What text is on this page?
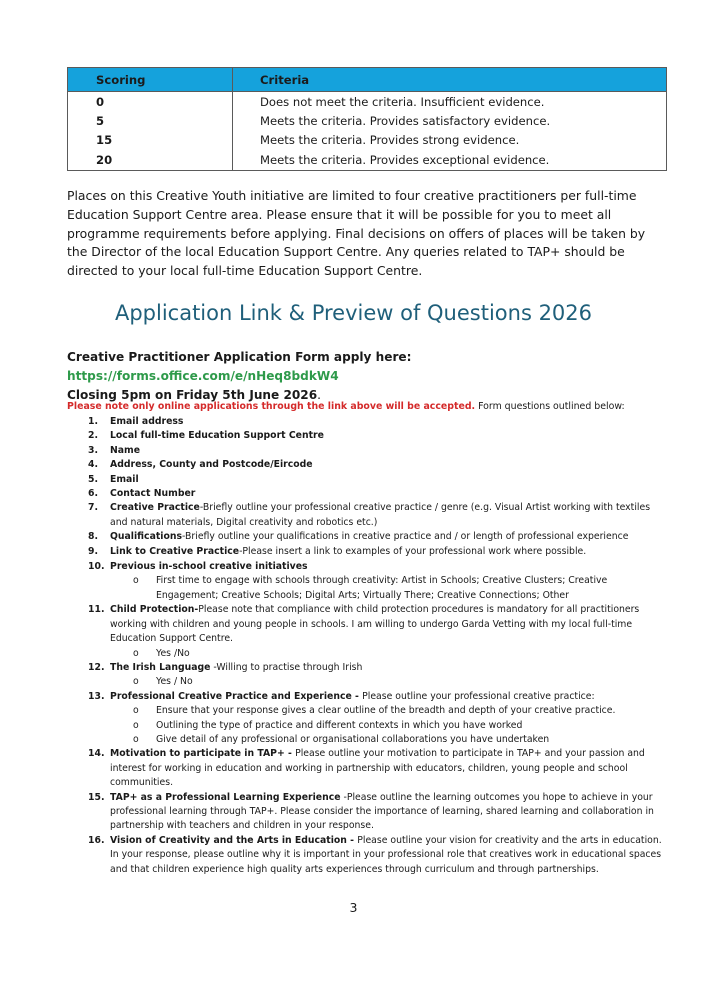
Scoring	Criteria
0	Does not meet the criteria. Insufficient evidence.
5	Meets the criteria. Provides satisfactory evidence.
15	Meets the criteria. Provides strong evidence.
20	Meets the criteria. Provides exceptional evidence.

Places on this Creative Youth initiative are limited to four creative practitioners per full-time Education Support Centre area. Please ensure that it will be possible for you to meet all programme requirements before applying. Final decisions on offers of places will be taken by the Director of the local Education Support Centre. Any queries related to TAP+ should be directed to your local full-time Education Support Centre.

Application Link & Preview of Questions 2026

Creative Practitioner Application Form apply here: https://forms.office.com/e/nHeq8bdkW4
Closing 5pm on Friday 5th June 2026.

Please note only online applications through the link above will be accepted. Form questions outlined below:

1. Email address
2. Local full-time Education Support Centre
3. Name
4. Address, County and Postcode/Eircode
5. Email
6. Contact Number
7. Creative Practice-Briefly outline your professional creative practice / genre (e.g. Visual Artist working with textiles and natural materials, Digital creativity and robotics etc.)
8. Qualifications-Briefly outline your qualifications in creative practice and / or length of professional experience
9. Link to Creative Practice-Please insert a link to examples of your professional work where possible.
10. Previous in-school creative initiatives
o First time to engage with schools through creativity: Artist in Schools; Creative Clusters; Creative Engagement; Creative Schools; Digital Arts; Virtually There; Creative Connections; Other
11. Child Protection-Please note that compliance with child protection procedures is mandatory for all practitioners working with children and young people in schools. I am willing to undergo Garda Vetting with my local full-time Education Support Centre.
o Yes /No
12. The Irish Language -Willing to practise through Irish
o Yes / No
13. Professional Creative Practice and Experience - Please outline your professional creative practice:
o Ensure that your response gives a clear outline of the breadth and depth of your creative practice.
o Outlining the type of practice and different contexts in which you have worked
o Give detail of any professional or organisational collaborations you have undertaken
14. Motivation to participate in TAP+ - Please outline your motivation to participate in TAP+ and your passion and interest for working in education and working in partnership with educators, children, young people and school communities.
15. TAP+ as a Professional Learning Experience -Please outline the learning outcomes you hope to achieve in your professional learning through TAP+. Please consider the importance of learning, shared learning and collaboration in partnership with teachers and children in your response.
16. Vision of Creativity and the Arts in Education - Please outline your vision for creativity and the arts in education. In your response, please outline why it is important in your professional role that creatives work in educational spaces and that children experience high quality arts experiences through curriculum and through partnerships.

3
